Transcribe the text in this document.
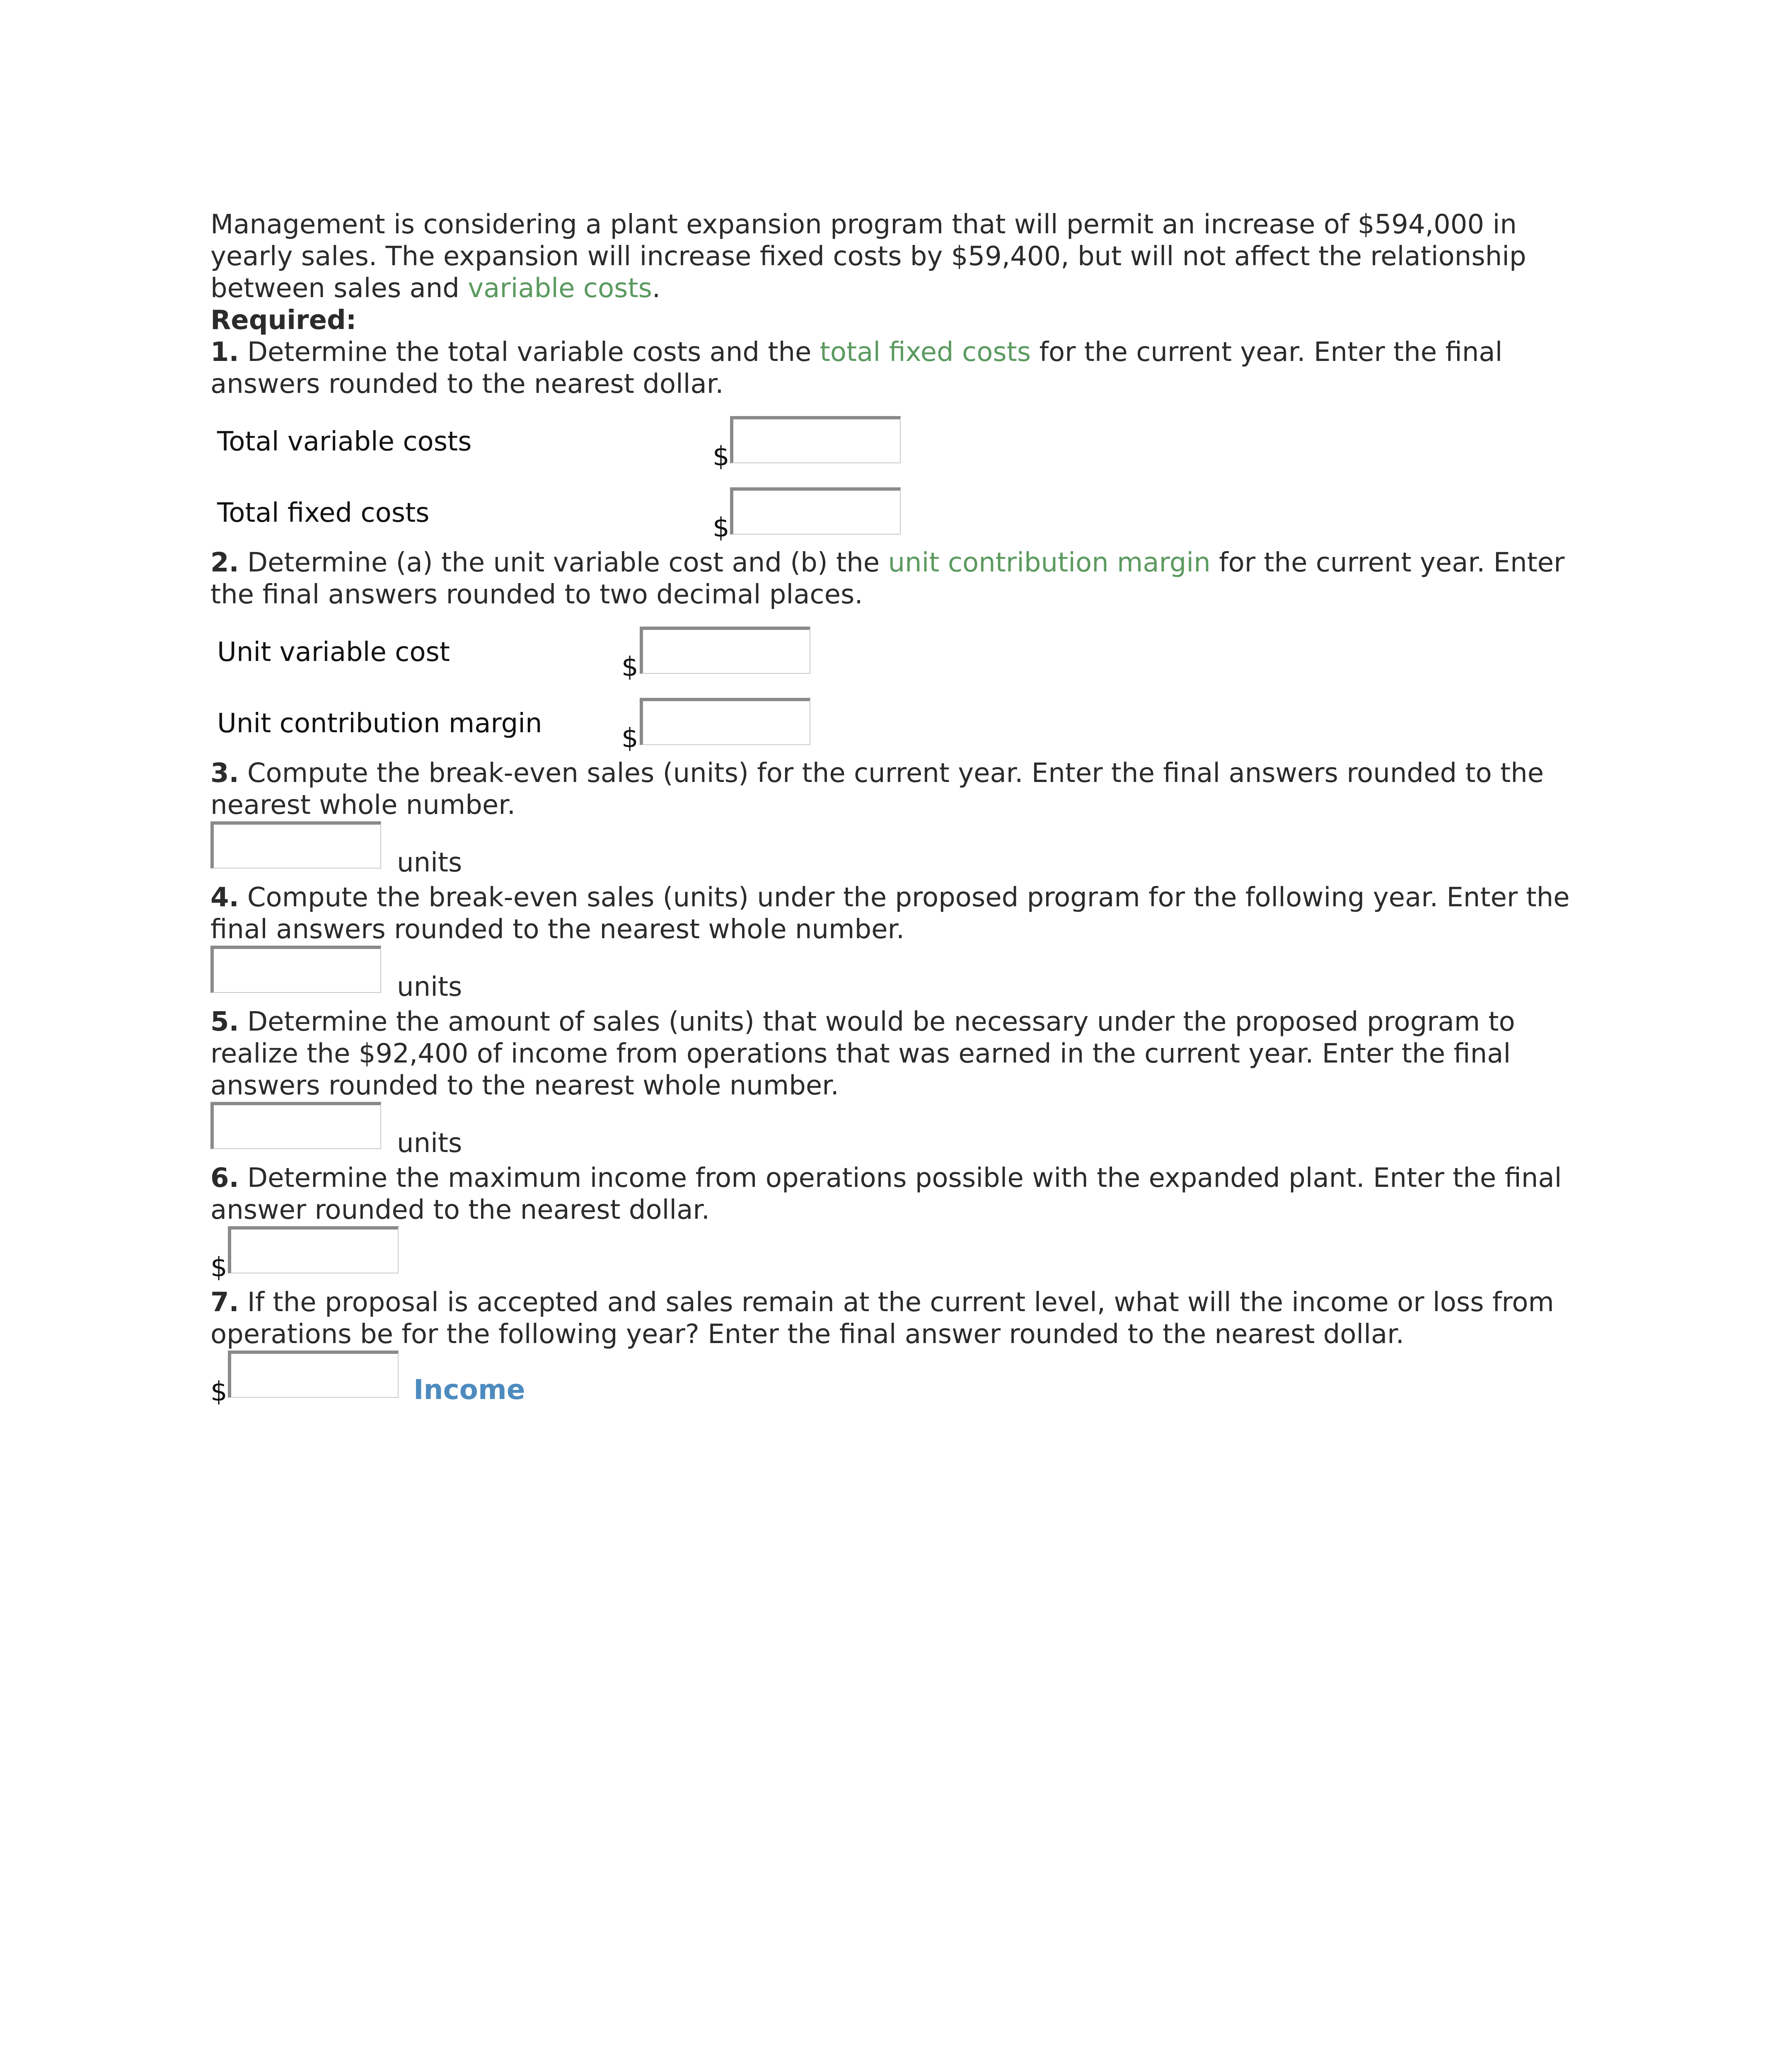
Management is considering a plant expansion program that will permit an increase of $594,000 in yearly sales. The expansion will increase fixed costs by $59,400, but will not affect the relationship between sales and variable costs.

Required:

1. Determine the total variable costs and the total fixed costs for the current year. Enter the final answers rounded to the nearest dollar.

Total variable costs	$
Total fixed costs	$

2. Determine (a) the unit variable cost and (b) the unit contribution margin for the current year. Enter the final answers rounded to two decimal places.

Unit variable cost	$
Unit contribution margin	$

3. Compute the break-even sales (units) for the current year. Enter the final answers rounded to the nearest whole number.

units

4. Compute the break-even sales (units) under the proposed program for the following year. Enter the final answers rounded to the nearest whole number.

units

5. Determine the amount of sales (units) that would be necessary under the proposed program to realize the $92,400 of income from operations that was earned in the current year. Enter the final answers rounded to the nearest whole number.

units

6. Determine the maximum income from operations possible with the expanded plant. Enter the final answer rounded to the nearest dollar.

$

7. If the proposal is accepted and sales remain at the current level, what will the income or loss from operations be for the following year? Enter the final answer rounded to the nearest dollar.

$	Income
